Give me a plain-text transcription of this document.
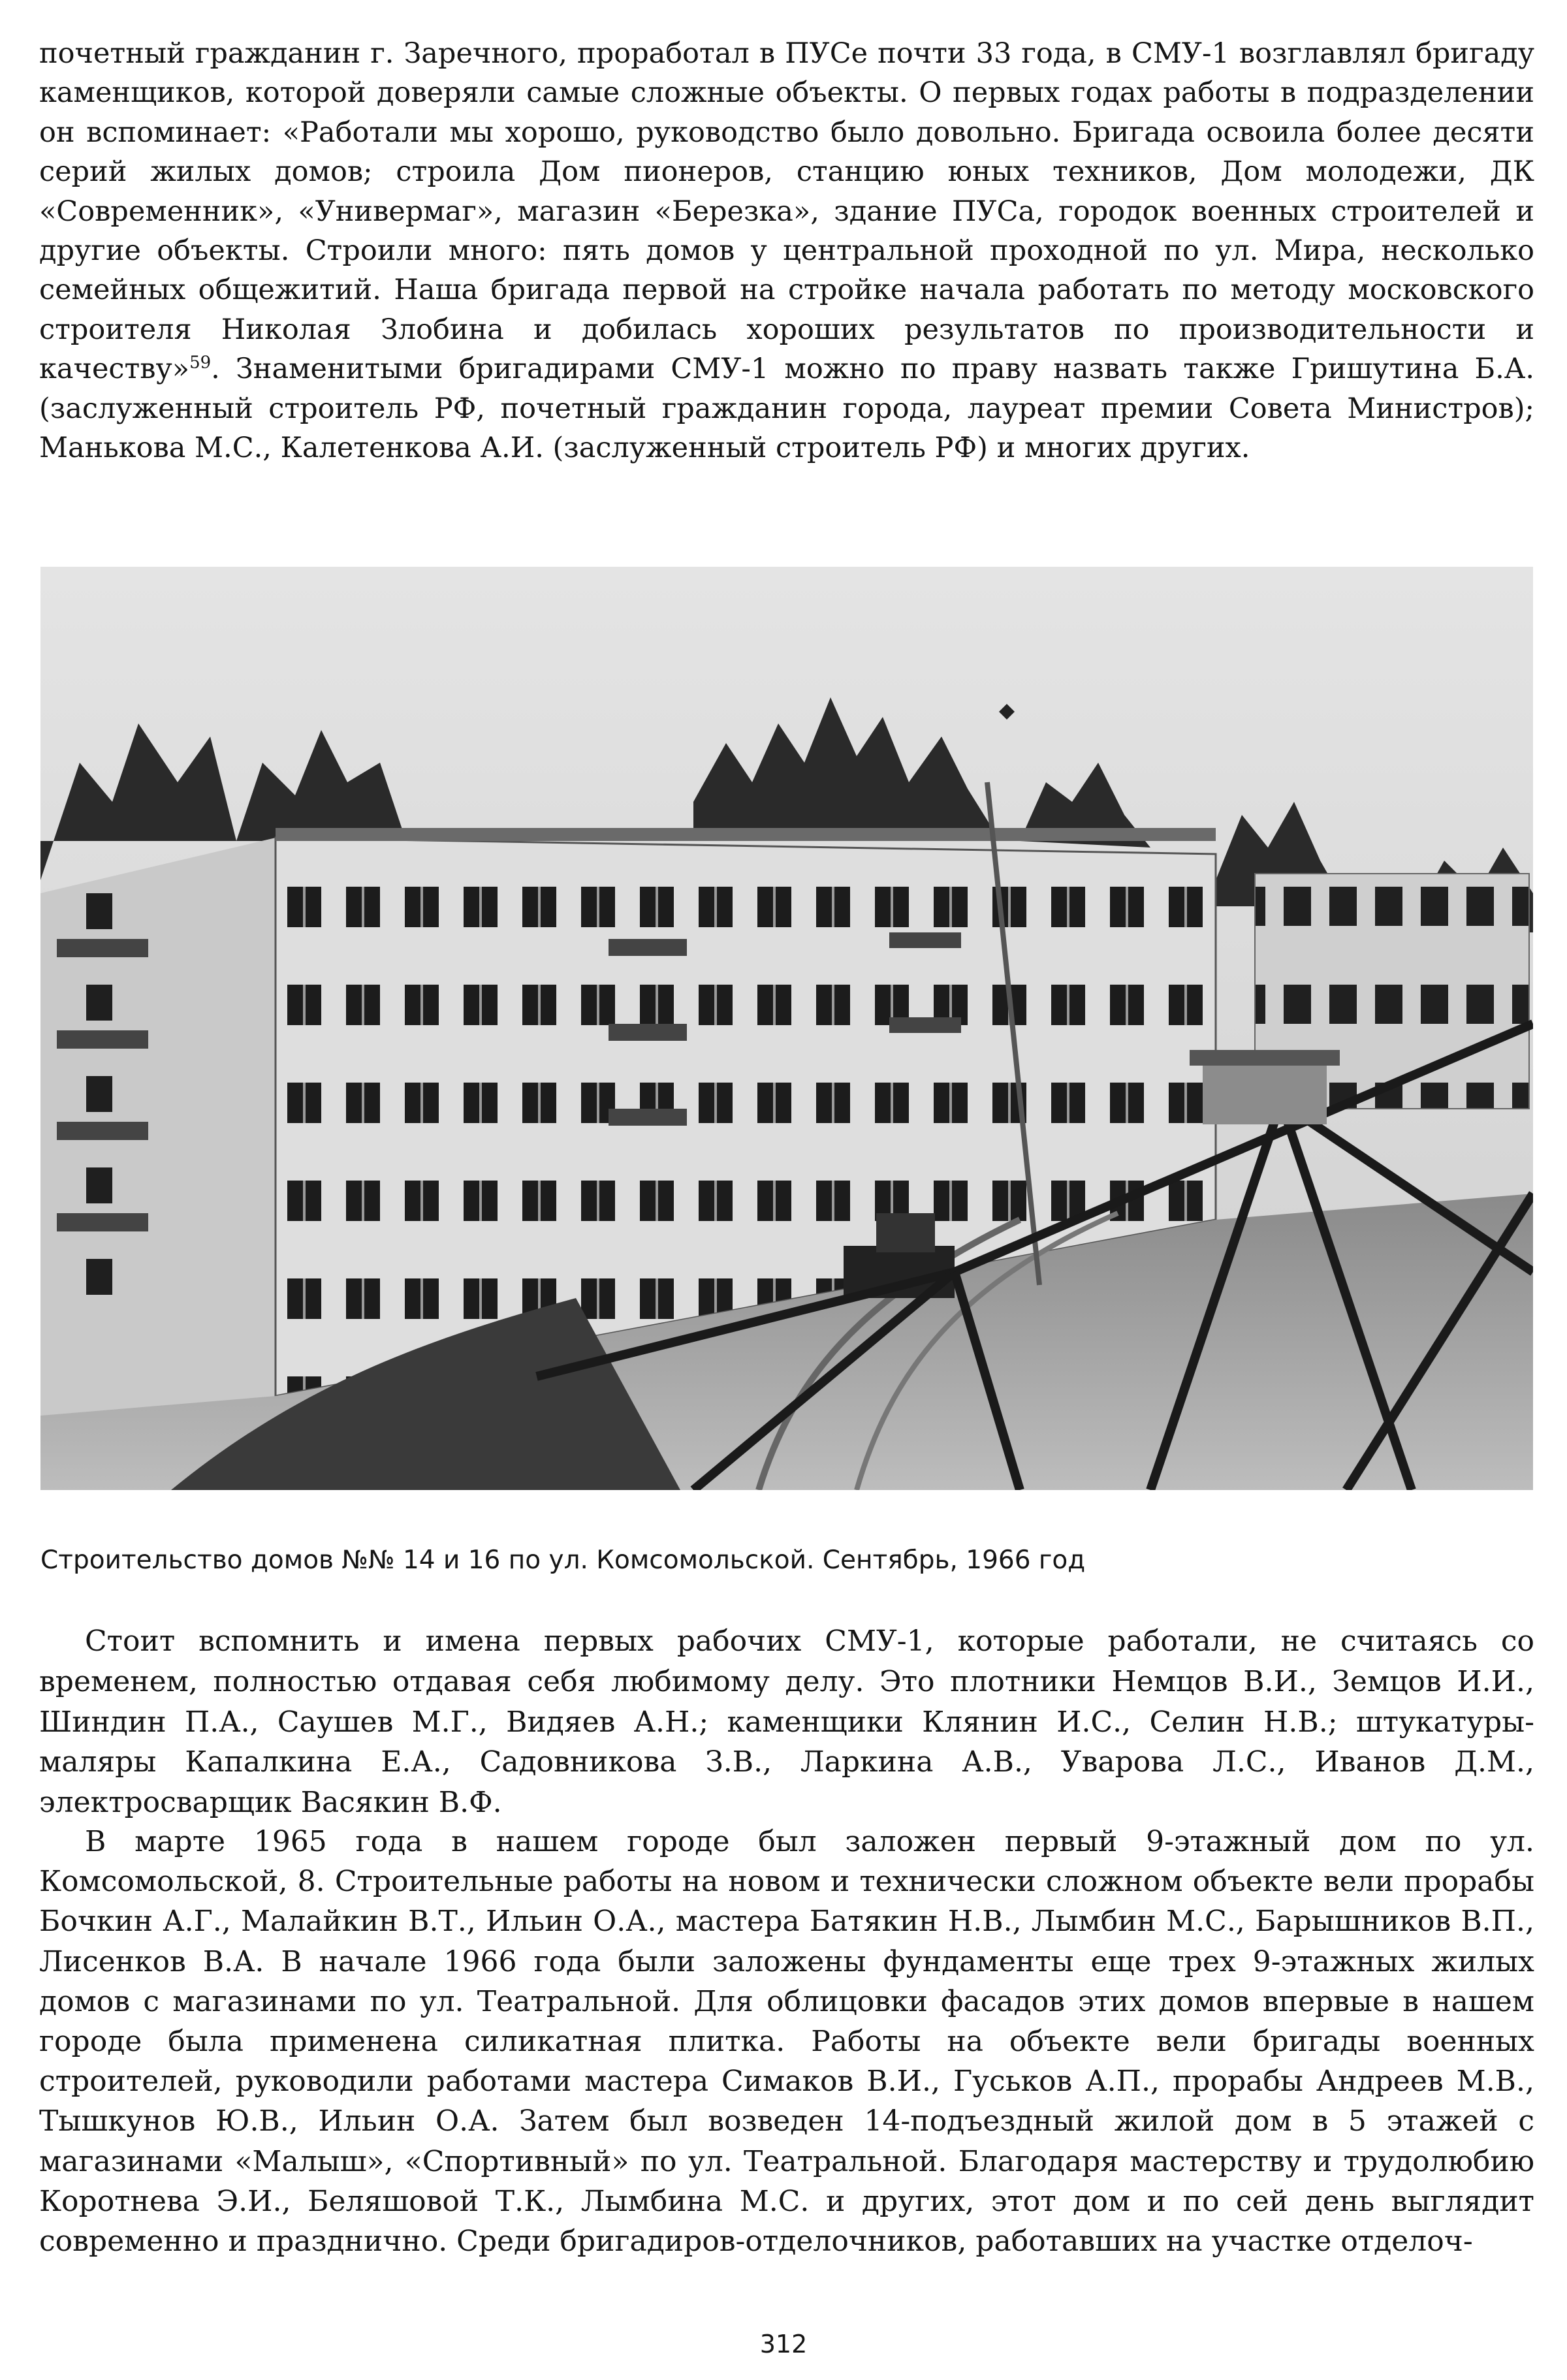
почетный гражданин г. Заречного, проработал в ПУСе почти 33 года, в СМУ-1 возглавлял бригаду каменщиков, которой доверяли самые сложные объекты. О первых годах работы в подразделении он вспоминает: «Работали мы хорошо, руководство было довольно. Бригада освоила более десяти серий жилых домов; строила Дом пионеров, станцию юных техников, Дом молодежи, ДК «Современник», «Универмаг», магазин «Березка», здание ПУСа, городок военных строителей и другие объекты. Строили много: пять домов у центральной проходной по ул. Мира, несколько семейных общежитий. Наша бригада первой на стройке начала работать по методу московского строителя Николая Злобина и добилась хороших результатов по производительности и качеству»$^{59}$. Знаменитыми бригадирами СМУ-1 можно по праву назвать также Гришутина Б.А. (заслуженный строитель РФ, почетный гражданин города, лауреат премии Совета Министров); Манькова М.С., Калетенкова А.И. (заслуженный строитель РФ) и многих других.

Строительство домов №№ 14 и 16 по ул. Комсомольской. Сентябрь, 1966 год

Стоит вспомнить и имена первых рабочих СМУ-1, которые работали, не считаясь со временем, полностью отдавая себя любимому делу. Это плотники Немцов В.И., Земцов И.И., Шиндин П.А., Саушев М.Г., Видяев А.Н.; каменщики Клянин И.С., Селин Н.В.; штукатуры-маляры Капалкина Е.А., Садовникова З.В., Ларкина А.В., Уварова Л.С., Иванов Д.М., электросварщик Васякин В.Ф.

В марте 1965 года в нашем городе был заложен первый 9-этажный дом по ул. Комсомольской, 8. Строительные работы на новом и технически сложном объекте вели прорабы Бочкин А.Г., Малайкин В.Т., Ильин О.А., мастера Батякин Н.В., Лымбин М.С., Барышников В.П., Лисенков В.А. В начале 1966 года были заложены фундаменты еще трех 9-этажных жилых домов с магазинами по ул. Театральной. Для облицовки фасадов этих домов впервые в нашем городе была применена силикатная плитка. Работы на объекте вели бригады военных строителей, руководили работами мастера Симаков В.И., Гуськов А.П., прорабы Андреев М.В., Тышкунов Ю.В., Ильин О.А. Затем был возведен 14-подъездный жилой дом в 5 этажей с магазинами «Малыш», «Спортивный» по ул. Театральной. Благодаря мастерству и трудолюбию Коротнева Э.И., Беляшовой Т.К., Лымбина М.С. и других, этот дом и по сей день выглядит современно и празднично. Среди бригадиров-отделочников, работавших на участке отделоч-

312
